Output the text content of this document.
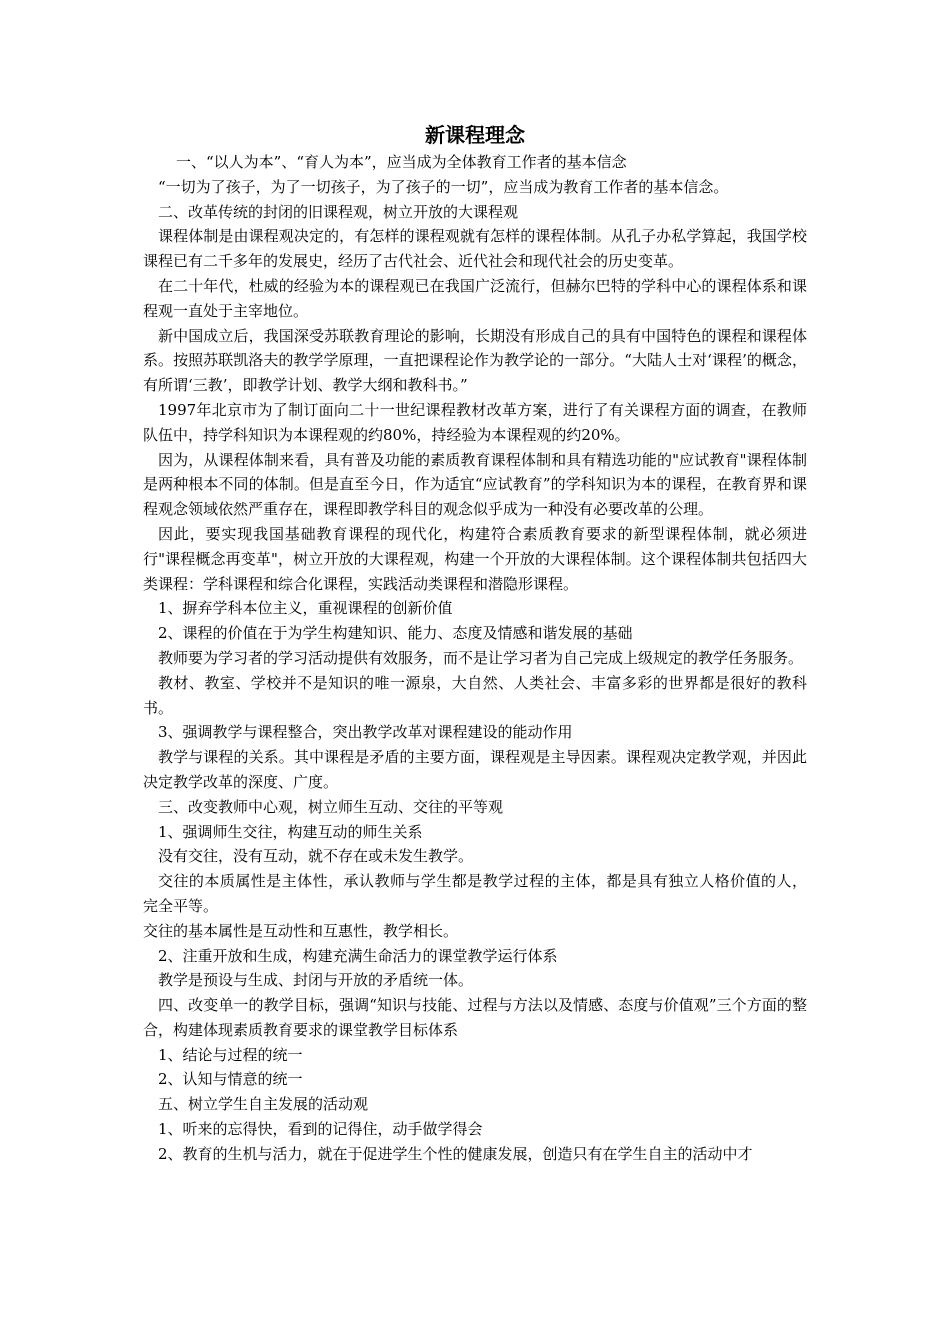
新课程理念

一、“以人为本”、“育人为本”，应当成为全体教育工作者的基本信念

“一切为了孩子，为了一切孩子，为了孩子的一切”，应当成为教育工作者的基本信念。

二、改革传统的封闭的旧课程观，树立开放的大课程观

课程体制是由课程观决定的，有怎样的课程观就有怎样的课程体制。从孔子办私学算起，我国学校课程已有二千多年的发展史，经历了古代社会、近代社会和现代社会的历史变革。

在二十年代，杜威的经验为本的课程观已在我国广泛流行，但赫尔巴特的学科中心的课程体系和课程观一直处于主宰地位。

新中国成立后，我国深受苏联教育理论的影响，长期没有形成自己的具有中国特色的课程和课程体系。按照苏联凯洛夫的教学学原理，一直把课程论作为教学论的一部分。“大陆人士对‘课程’的概念，有所谓‘三教’，即教学计划、教学大纲和教科书。”

1997年北京市为了制订面向二十一世纪课程教材改革方案，进行了有关课程方面的调查，在教师队伍中，持学科知识为本课程观的约80%，持经验为本课程观的约20%。

因为，从课程体制来看，具有普及功能的素质教育课程体制和具有精选功能的"应试教育"课程体制是两种根本不同的体制。但是直至今日，作为适宜“应试教育”的学科知识为本的课程，在教育界和课程观念领域依然严重存在，课程即教学科目的观念似乎成为一种没有必要改革的公理。

因此，要实现我国基础教育课程的现代化，构建符合素质教育要求的新型课程体制，就必须进行"课程概念再变革"，树立开放的大课程观，构建一个开放的大课程体制。这个课程体制共包括四大类课程：学科课程和综合化课程，实践活动类课程和潜隐形课程。

1、摒弃学科本位主义，重视课程的创新价值

2、课程的价值在于为学生构建知识、能力、态度及情感和谐发展的基础

教师要为学习者的学习活动提供有效服务，而不是让学习者为自己完成上级规定的教学任务服务。

教材、教室、学校并不是知识的唯一源泉，大自然、人类社会、丰富多彩的世界都是很好的教科书。

3、强调教学与课程整合，突出教学改革对课程建设的能动作用

教学与课程的关系。其中课程是矛盾的主要方面，课程观是主导因素。课程观决定教学观，并因此决定教学改革的深度、广度。

三、改变教师中心观，树立师生互动、交往的平等观

1、强调师生交往，构建互动的师生关系

没有交往，没有互动，就不存在或未发生教学。

交往的本质属性是主体性，承认教师与学生都是教学过程的主体，都是具有独立人格价值的人， 完全平等。

交往的基本属性是互动性和互惠性，教学相长。

2、注重开放和生成，构建充满生命活力的课堂教学运行体系

教学是预设与生成、封闭与开放的矛盾统一体。

四、改变单一的教学目标，强调“知识与技能、过程与方法以及情感、态度与价值观”三个方面的整合，构建体现素质教育要求的课堂教学目标体系

1、结论与过程的统一

2、认知与情意的统一

五、树立学生自主发展的活动观

1、听来的忘得快，看到的记得住，动手做学得会

2、教育的生机与活力，就在于促进学生个性的健康发展，创造只有在学生自主的活动中才
